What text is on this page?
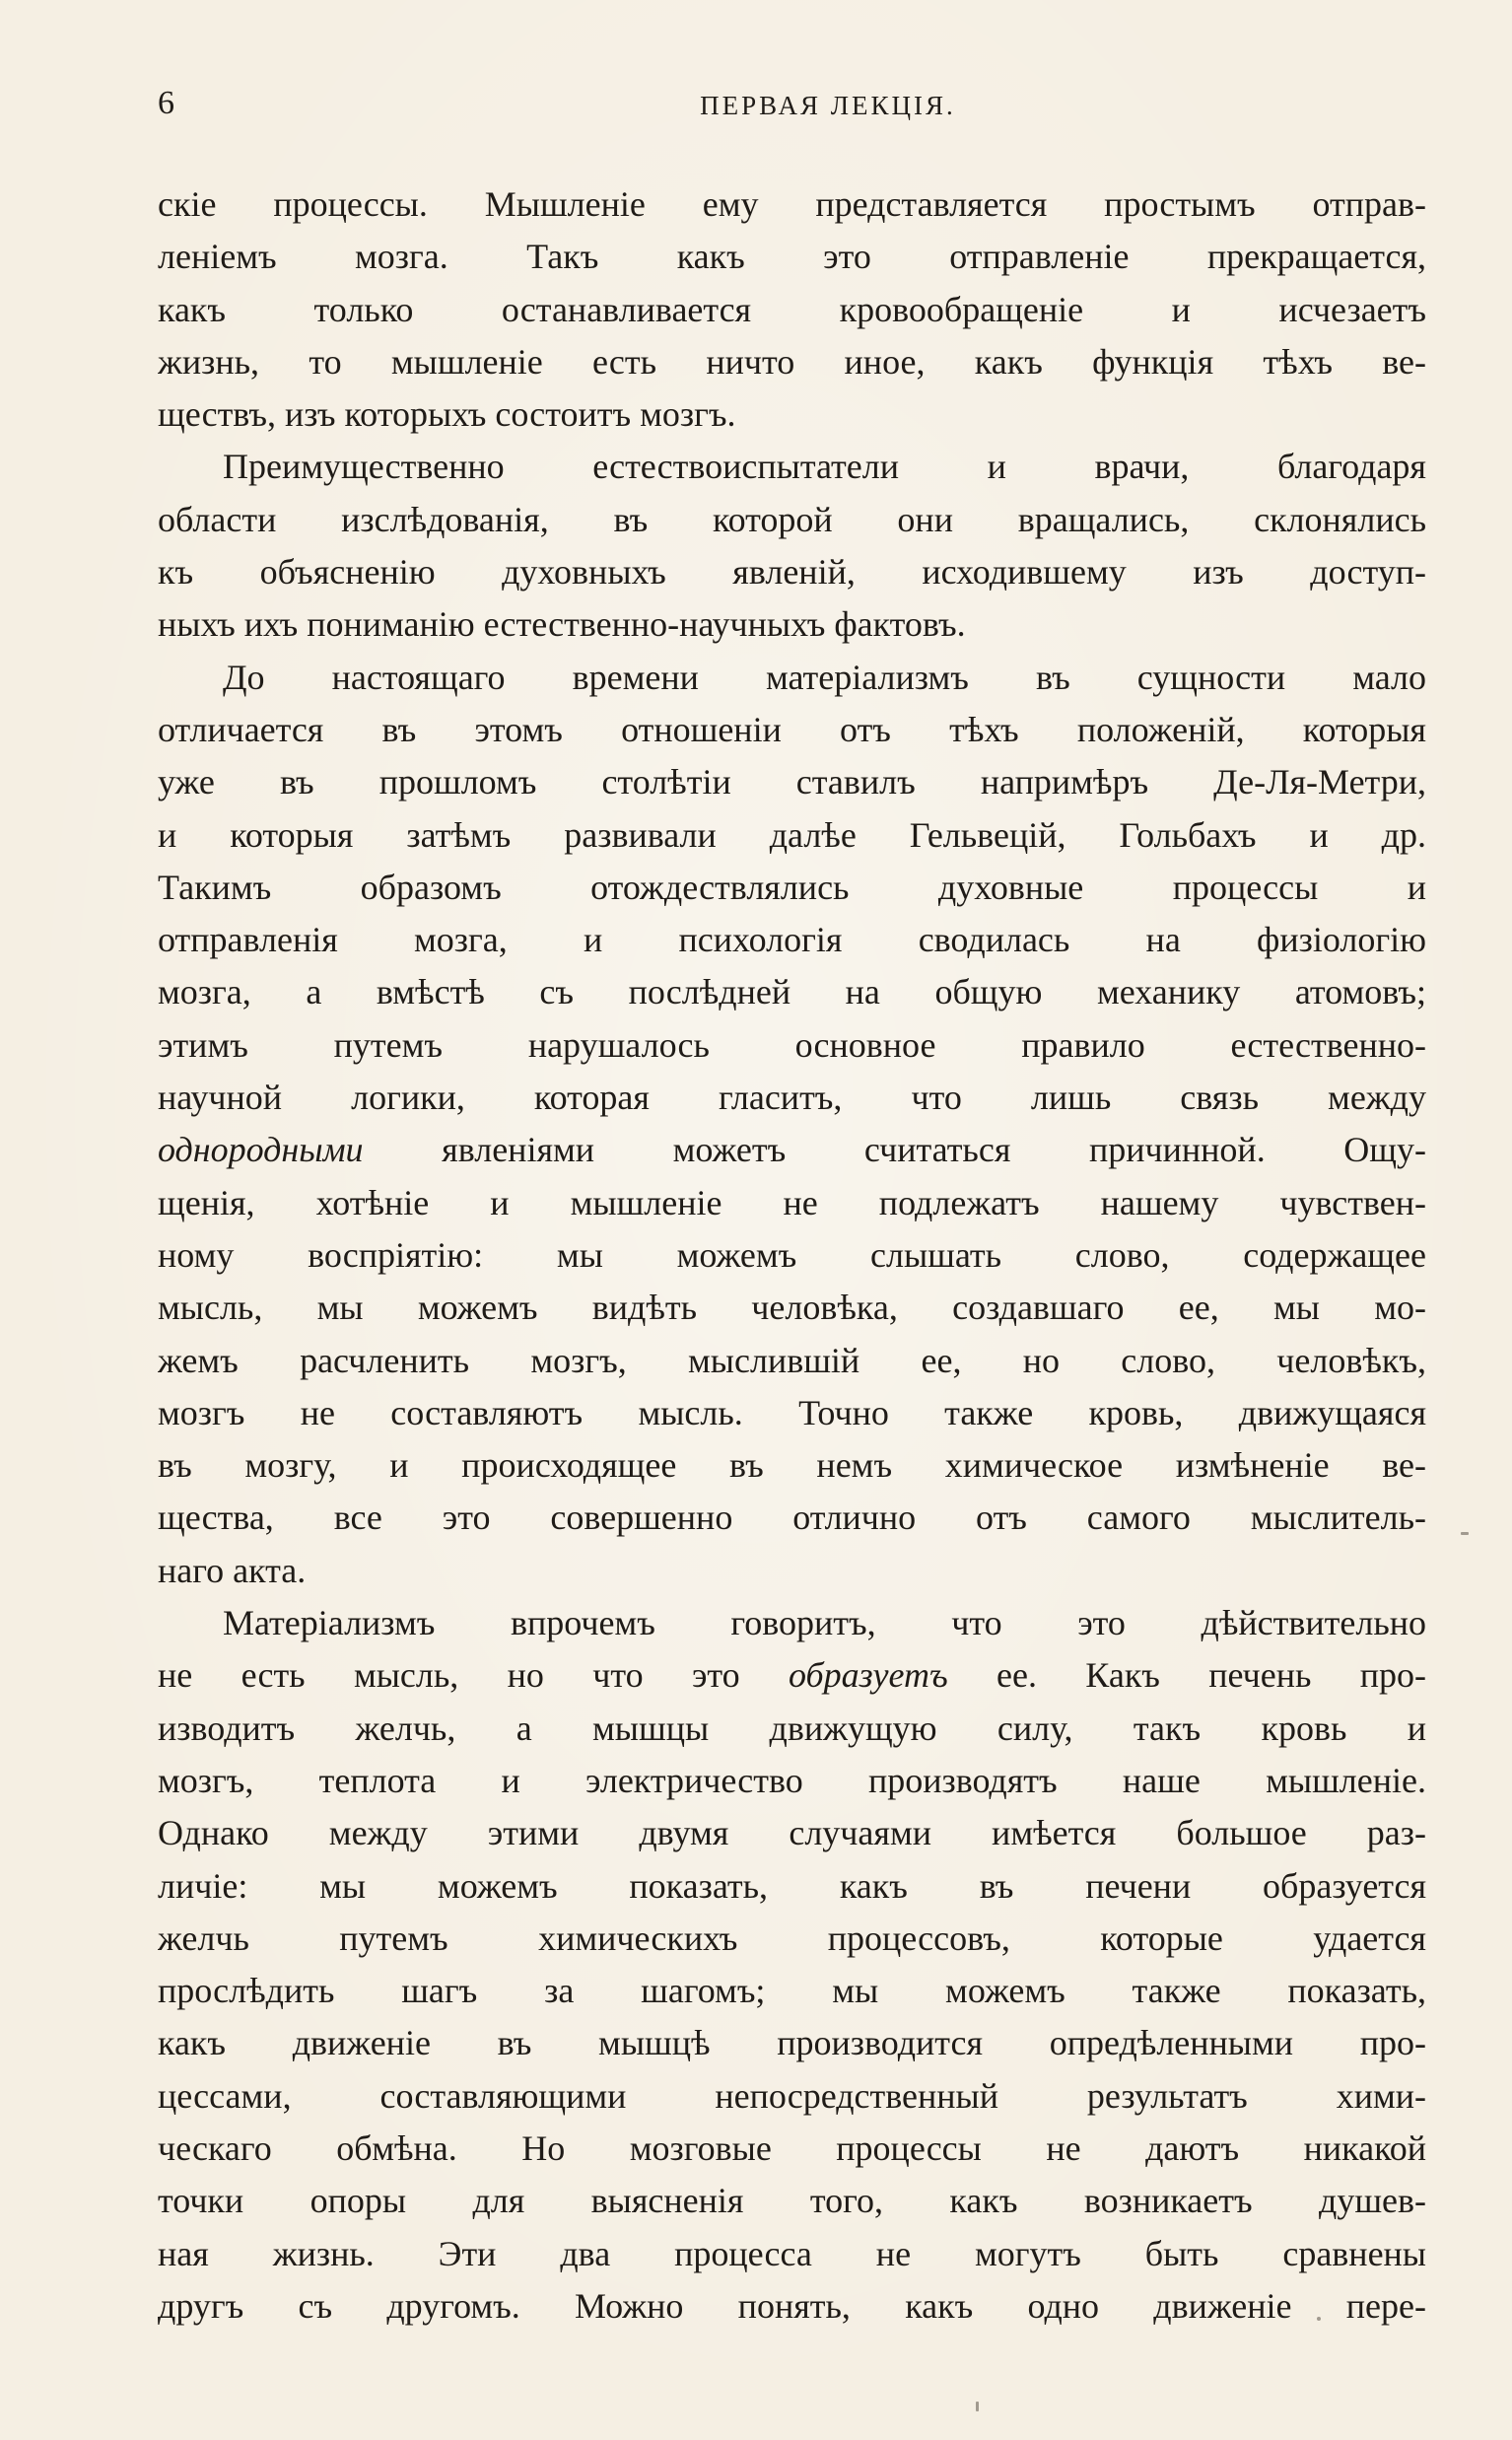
6	ПЕРВАЯ ЛЕКЦІЯ.
скіе процессы. Мышленіе ему представляется простымъ отправ-
леніемъ мозга. Такъ какъ это отправленіе прекращается,
какъ только останавливается кровообращеніе и исчезаетъ
жизнь, то мышленіе есть ничто иное, какъ функція тѣхъ ве-
ществъ, изъ которыхъ состоитъ мозгъ.
Преимущественно естествоиспытатели и врачи, благодаря
области изслѣдованія, въ которой они вращались, склонялись
къ объясненію духовныхъ явленій, исходившему изъ доступ-
ныхъ ихъ пониманію естественно-научныхъ фактовъ.
До настоящаго времени матеріализмъ въ сущности мало
отличается въ этомъ отношеніи отъ тѣхъ положеній, которыя
уже въ прошломъ столѣтіи ставилъ напримѣръ Де-Ля-Метри,
и которыя затѣмъ развивали далѣе Гельвецій, Гольбахъ и др.
Такимъ образомъ отождествлялись духовные процессы и
отправленія мозга, и психологія сводилась на физіологію
мозга, а вмѣстѣ съ послѣдней на общую механику атомовъ;
этимъ путемъ нарушалось основное правило естественно-
научной логики, которая гласитъ, что лишь связь между
однородными явленіями можетъ считаться причинной. Ощу-
щенія, хотѣніе и мышленіе не подлежатъ нашему чувствен-
ному воспріятію: мы можемъ слышать слово, содержащее
мысль, мы можемъ видѣть человѣка, создавшаго ее, мы мо-
жемъ расчленить мозгъ, мыслившій ее, но слово, человѣкъ,
мозгъ не составляютъ мысль. Точно также кровь, движущаяся
въ мозгу, и происходящее въ немъ химическое измѣненіе ве-
щества, все это совершенно отлично отъ самого мыслитель-
наго акта.
Матеріализмъ впрочемъ говоритъ, что это дѣйствительно
не есть мысль, но что это образуетъ ее. Какъ печень про-
изводитъ желчь, а мышцы движущую силу, такъ кровь и
мозгъ, теплота и электричество производятъ наше мышленіе.
Однако между этими двумя случаями имѣется большое раз-
личіе: мы можемъ показать, какъ въ печени образуется
желчь путемъ химическихъ процессовъ, которые удается
прослѣдить шагъ за шагомъ; мы можемъ также показать,
какъ движеніе въ мышцѣ производится опредѣленными про-
цессами, составляющими непосредственный результатъ хими-
ческаго обмѣна. Но мозговые процессы не даютъ никакой
точки опоры для выясненія того, какъ возникаетъ душев-
ная жизнь. Эти два процесса не могутъ быть сравнены
другъ съ другомъ. Можно понять, какъ одно движеніе пере-
